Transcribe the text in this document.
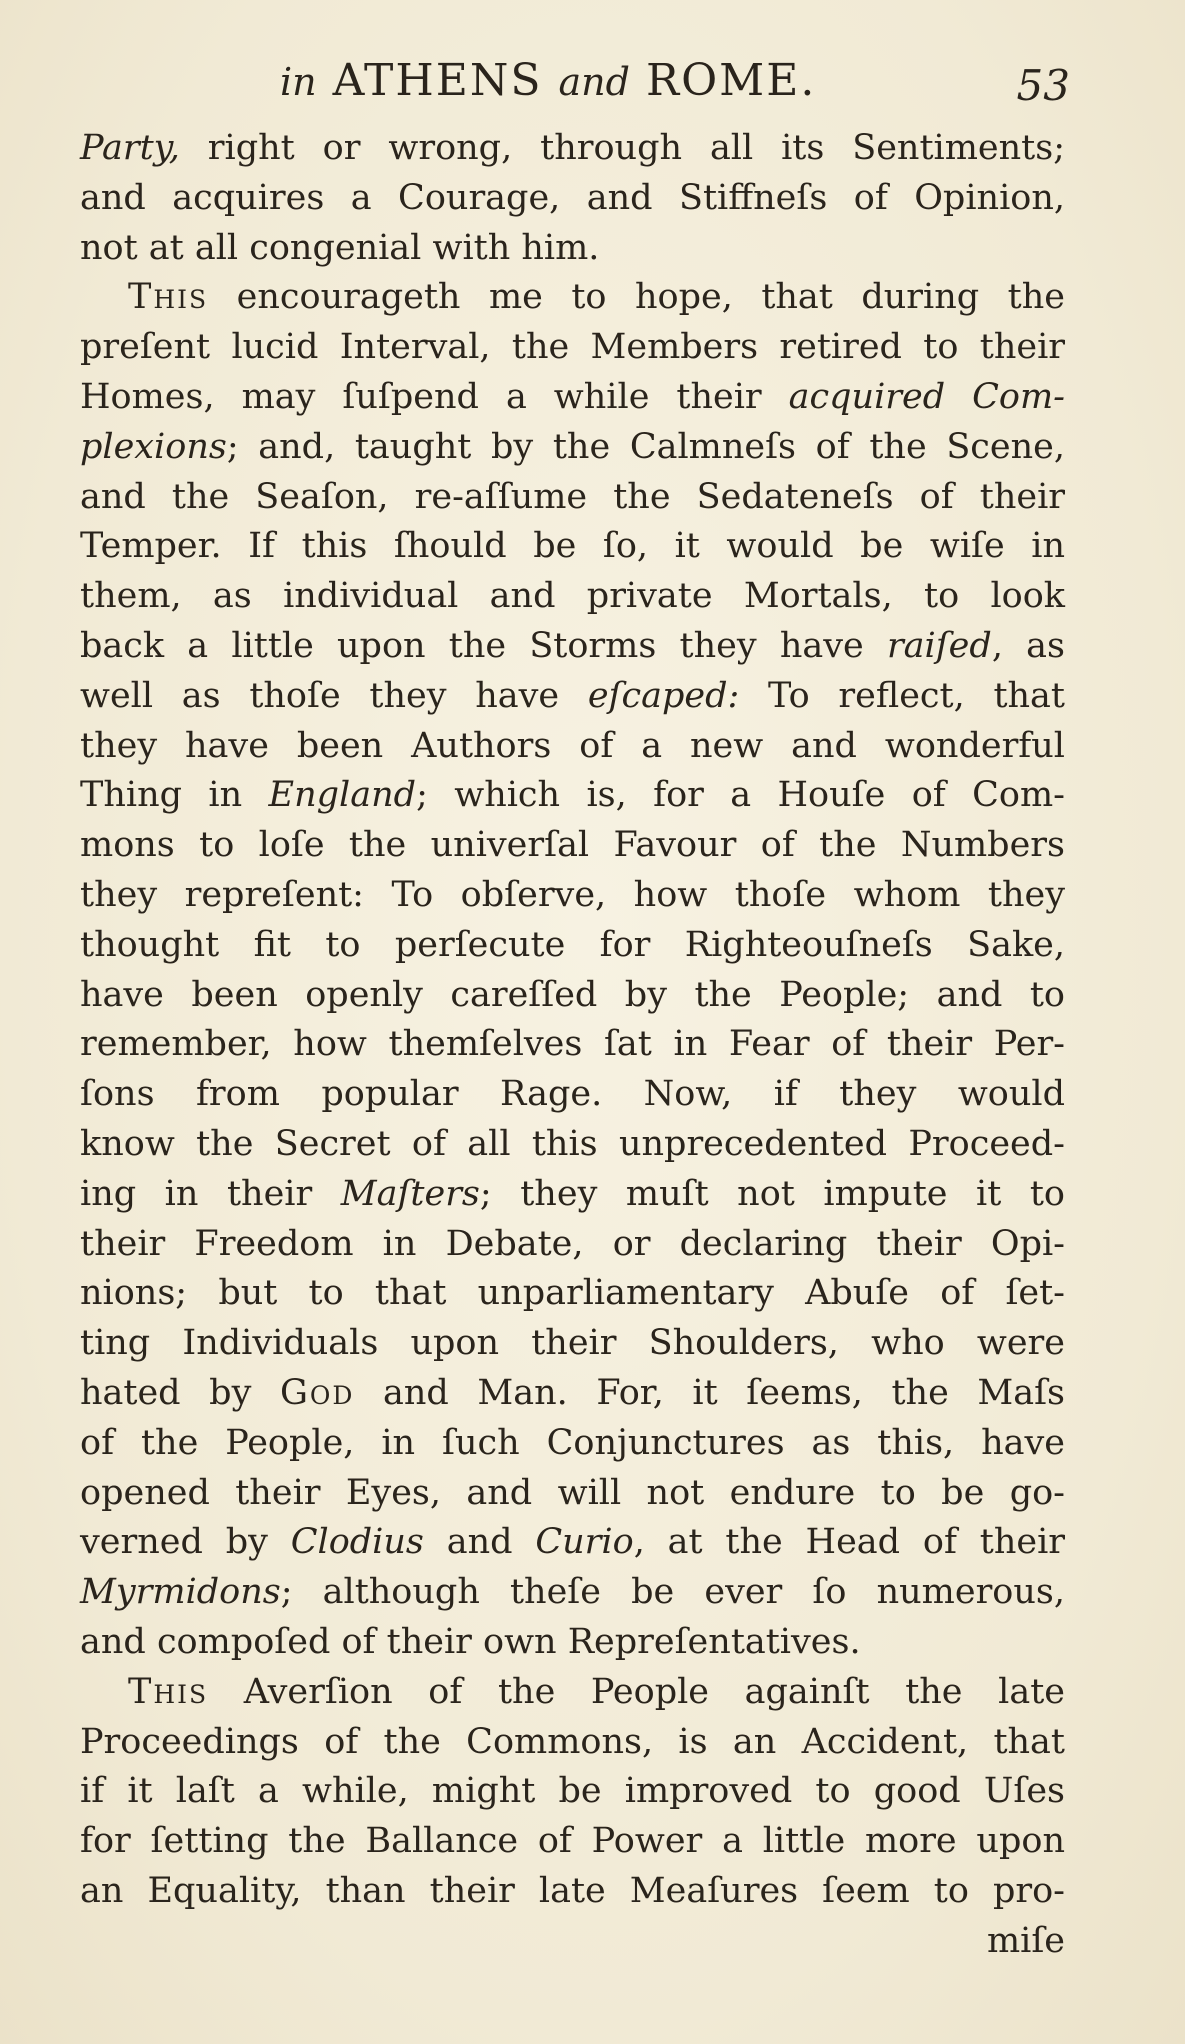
in ATHENS and ROME.	53
Party, right or wrong, through all its Sentiments;
and acquires a Courage, and Stiffneſs of Opinion,
not at all congenial with him.
This encourageth me to hope, that during the
preſent lucid Interval, the Members retired to their
Homes, may ſuſpend a while their acquired Com-
plexions; and, taught by the Calmneſs of the Scene,
and the Seaſon, re-aſſume the Sedateneſs of their
Temper. If this ſhould be ſo, it would be wiſe in
them, as individual and private Mortals, to look
back a little upon the Storms they have raiſed, as
well as thoſe they have eſcaped: To reflect, that
they have been Authors of a new and wonderful
Thing in England; which is, for a Houſe of Com-
mons to loſe the univerſal Favour of the Numbers
they repreſent: To obſerve, how thoſe whom they
thought fit to perſecute for Righteouſneſs Sake,
have been openly careſſed by the People; and to
remember, how themſelves ſat in Fear of their Per-
ſons from popular Rage. Now, if they would
know the Secret of all this unprecedented Proceed-
ing in their Maſters; they muſt not impute it to
their Freedom in Debate, or declaring their Opi-
nions; but to that unparliamentary Abuſe of ſet-
ting Individuals upon their Shoulders, who were
hated by God and Man. For, it ſeems, the Maſs
of the People, in ſuch Conjunctures as this, have
opened their Eyes, and will not endure to be go-
verned by Clodius and Curio, at the Head of their
Myrmidons; although theſe be ever ſo numerous,
and compoſed of their own Repreſentatives.
This Averſion of the People againſt the late
Proceedings of the Commons, is an Accident, that
if it laſt a while, might be improved to good Uſes
for ſetting the Ballance of Power a little more upon
an Equality, than their late Meaſures ſeem to pro-
miſe
